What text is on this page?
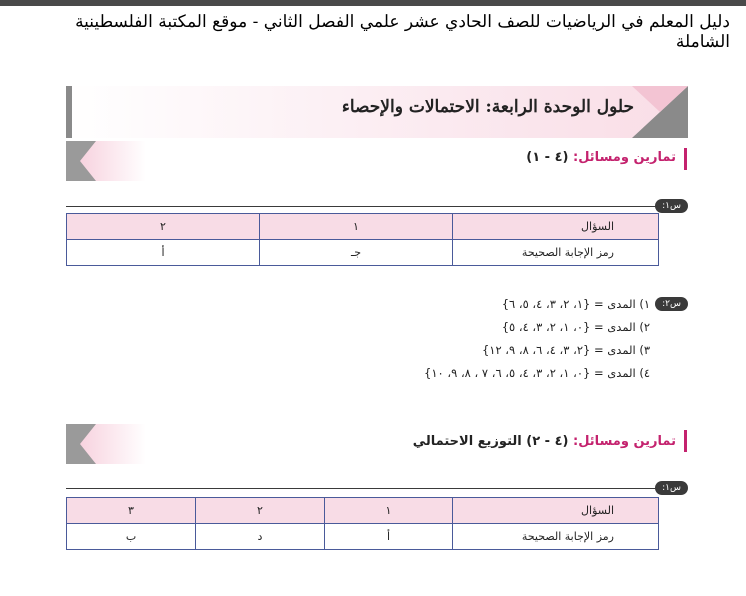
دليل المعلم في الرياضيات للصف الحادي عشر علمي الفصل الثاني - موقع المكتبة الفلسطينية الشاملة
حلول الوحدة الرابعة: الاحتمالات والإحصاء
تمارين ومسائل: (٤ - ١)
س١:
السؤال	١	٢
رمز الإجابة الصحيحة	جـ	أ
س٢:
١) المدى = {١، ٢، ٣، ٤، ٥، ٦}
٢) المدى = {٠، ١، ٢، ٣، ٤، ٥}
٣) المدى = {٢، ٣، ٤، ٦، ٨، ٩، ١٢}
٤) المدى = {٠، ١، ٢، ٣، ٤، ٥، ٦، ٧ ، ٨، ٩، ١٠}
تمارين ومسائل: (٤ - ٢) التوزيع الاحتمالي
س١:
السؤال	١	٢	٣
رمز الإجابة الصحيحة	أ	د	ب
